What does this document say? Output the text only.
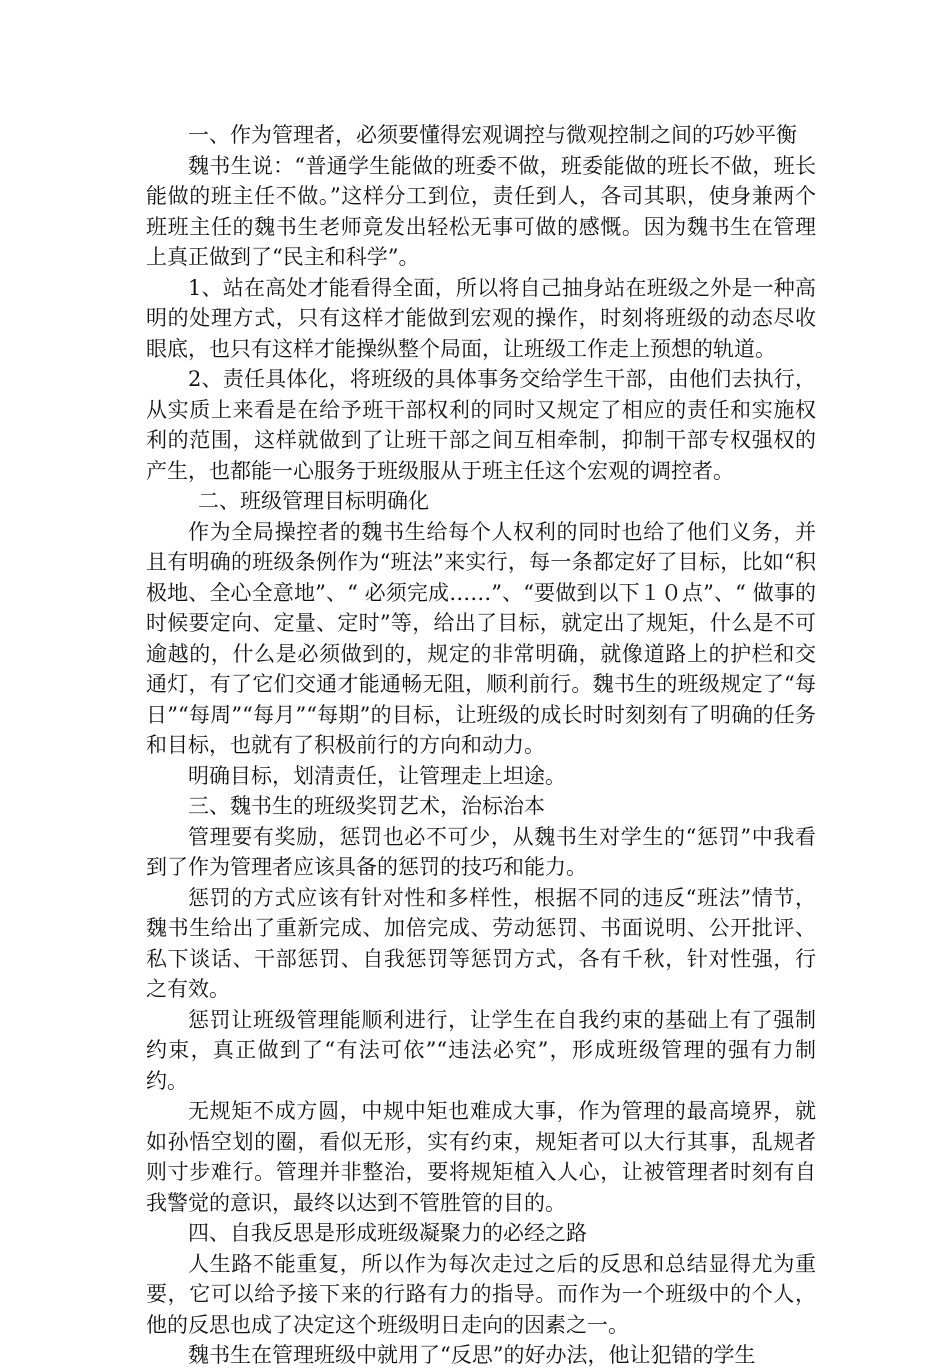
一、作为管理者，必须要懂得宏观调控与微观控制之间的巧妙平衡

魏书生说：“普通学生能做的班委不做，班委能做的班长不做，班长能做的班主任不做。”这样分工到位，责任到人，各司其职，使身兼两个班班主任的魏书生老师竟发出轻松无事可做的感慨。因为魏书生在管理上真正做到了“民主和科学”。

1、站在高处才能看得全面，所以将自己抽身站在班级之外是一种高明的处理方式，只有这样才能做到宏观的操作，时刻将班级的动态尽收眼底，也只有这样才能操纵整个局面，让班级工作走上预想的轨道。

2、责任具体化，将班级的具体事务交给学生干部，由他们去执行，从实质上来看是在给予班干部权利的同时又规定了相应的责任和实施权利的范围，这样就做到了让班干部之间互相牵制，抑制干部专权强权的产生，也都能一心服务于班级服从于班主任这个宏观的调控者。

二、班级管理目标明确化

作为全局操控者的魏书生给每个人权利的同时也给了他们义务，并且有明确的班级条例作为“班法”来实行，每一条都定好了目标，比如“积极地、全心全意地”、“ 必须完成……”、“要做到以下１０点”、“ 做事的时候要定向、定量、定时”等，给出了目标，就定出了规矩，什么是不可逾越的，什么是必须做到的，规定的非常明确，就像道路上的护栏和交通灯，有了它们交通才能通畅无阻，顺利前行。魏书生的班级规定了“每日”“每周”“每月”“每期”的目标，让班级的成长时时刻刻有了明确的任务和目标，也就有了积极前行的方向和动力。

明确目标，划清责任，让管理走上坦途。

三、魏书生的班级奖罚艺术，治标治本

管理要有奖励，惩罚也必不可少，从魏书生对学生的“惩罚”中我看到了作为管理者应该具备的惩罚的技巧和能力。

惩罚的方式应该有针对性和多样性，根据不同的违反“班法”情节，魏书生给出了重新完成、加倍完成、劳动惩罚、书面说明、公开批评、私下谈话、干部惩罚、自我惩罚等惩罚方式，各有千秋，针对性强，行之有效。

惩罚让班级管理能顺利进行，让学生在自我约束的基础上有了强制约束，真正做到了“有法可依”“违法必究”，形成班级管理的强有力制约。

无规矩不成方圆，中规中矩也难成大事，作为管理的最高境界，就如孙悟空划的圈，看似无形，实有约束，规矩者可以大行其事，乱规者则寸步难行。管理并非整治，要将规矩植入人心，让被管理者时刻有自我警觉的意识，最终以达到不管胜管的目的。

四、自我反思是形成班级凝聚力的必经之路

人生路不能重复，所以作为每次走过之后的反思和总结显得尤为重要，它可以给予接下来的行路有力的指导。而作为一个班级中的个人，他的反思也成了决定这个班级明日走向的因素之一。

魏书生在管理班级中就用了“反思”的好办法，他让犯错的学生
